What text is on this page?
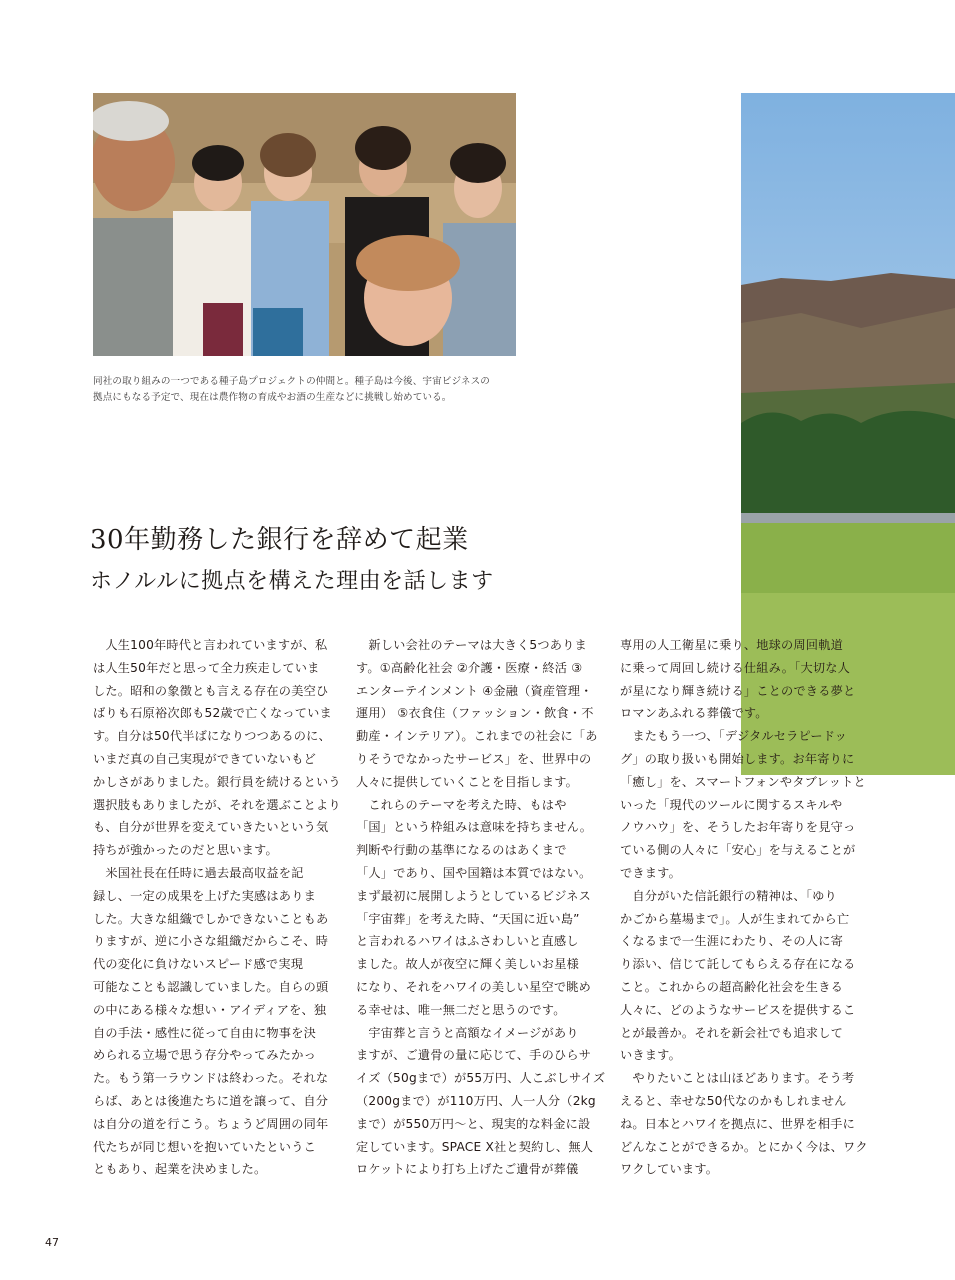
同社の取り組みの一つである種子島プロジェクトの仲間と。種子島は今後、宇宙ビジネスの

拠点にもなる予定で、現在は農作物の育成やお酒の生産などに挑戦し始めている。

30年勤務した銀行を辞めて起業

ホノルルに拠点を構えた理由を話します

　人生100年時代と言われていますが、私

は人生50年だと思って全力疾走していま

した。昭和の象徴とも言える存在の美空ひ

ばりも石原裕次郎も52歳で亡くなっていま

す。自分は50代半ばになりつつあるのに、

いまだ真の自己実現ができていないもど

かしさがありました。銀行員を続けるという

選択肢もありましたが、それを選ぶことより

も、自分が世界を変えていきたいという気

持ちが強かったのだと思います。

　米国社長在任時に過去最高収益を記

録し、一定の成果を上げた実感はありま

した。大きな組織でしかできないこともあ

りますが、逆に小さな組織だからこそ、時

代の変化に負けないスピード感で実現

可能なことも認識していました。自らの頭

の中にある様々な想い・アイディアを、独

自の手法・感性に従って自由に物事を決

められる立場で思う存分やってみたかっ

た。もう第一ラウンドは終わった。それな

らば、あとは後進たちに道を譲って、自分

は自分の道を行こう。ちょうど周囲の同年

代たちが同じ想いを抱いていたというこ

ともあり、起業を決めました。

　新しい会社のテーマは大きく5つありま

す。①高齢化社会 ②介護・医療・終活 ③

エンターテインメント ④金融（資産管理・

運用） ⑤衣食住（ファッション・飲食・不

動産・インテリア）。これまでの社会に「あ

りそうでなかったサービス」を、世界中の

人々に提供していくことを目指します。

　これらのテーマを考えた時、もはや

「国」という枠組みは意味を持ちません。

判断や行動の基準になるのはあくまで

「人」であり、国や国籍は本質ではない。

まず最初に展開しようとしているビジネス

「宇宙葬」を考えた時、“天国に近い島”

と言われるハワイはふさわしいと直感し

ました。故人が夜空に輝く美しいお星様

になり、それをハワイの美しい星空で眺め

る幸せは、唯一無二だと思うのです。

　宇宙葬と言うと高額なイメージがあり

ますが、ご遺骨の量に応じて、手のひらサ

イズ（50gまで）が55万円、人こぶしサイズ

（200gまで）が110万円、人一人分（2kg

まで）が550万円〜と、現実的な料金に設

定しています。SPACE X社と契約し、無人

ロケットにより打ち上げたご遺骨が葬儀

専用の人工衛星に乗り、地球の周回軌道

に乗って周回し続ける仕組み。「大切な人

が星になり輝き続ける」ことのできる夢と

ロマンあふれる葬儀です。

　またもう一つ、「デジタルセラピードッ

グ」の取り扱いも開始します。お年寄りに

「癒し」を、スマートフォンやタブレットと

いった「現代のツールに関するスキルや

ノウハウ」を、そうしたお年寄りを見守っ

ている側の人々に「安心」を与えることが

できます。

　自分がいた信託銀行の精神は、「ゆり

かごから墓場まで」。人が生まれてから亡

くなるまで一生涯にわたり、その人に寄

り添い、信じて託してもらえる存在になる

こと。これからの超高齢化社会を生きる

人々に、どのようなサービスを提供するこ

とが最善か。それを新会社でも追求して

いきます。

　やりたいことは山ほどあります。そう考

えると、幸せな50代なのかもしれません

ね。日本とハワイを拠点に、世界を相手に

どんなことができるか。とにかく今は、ワク

ワクしています。

47
